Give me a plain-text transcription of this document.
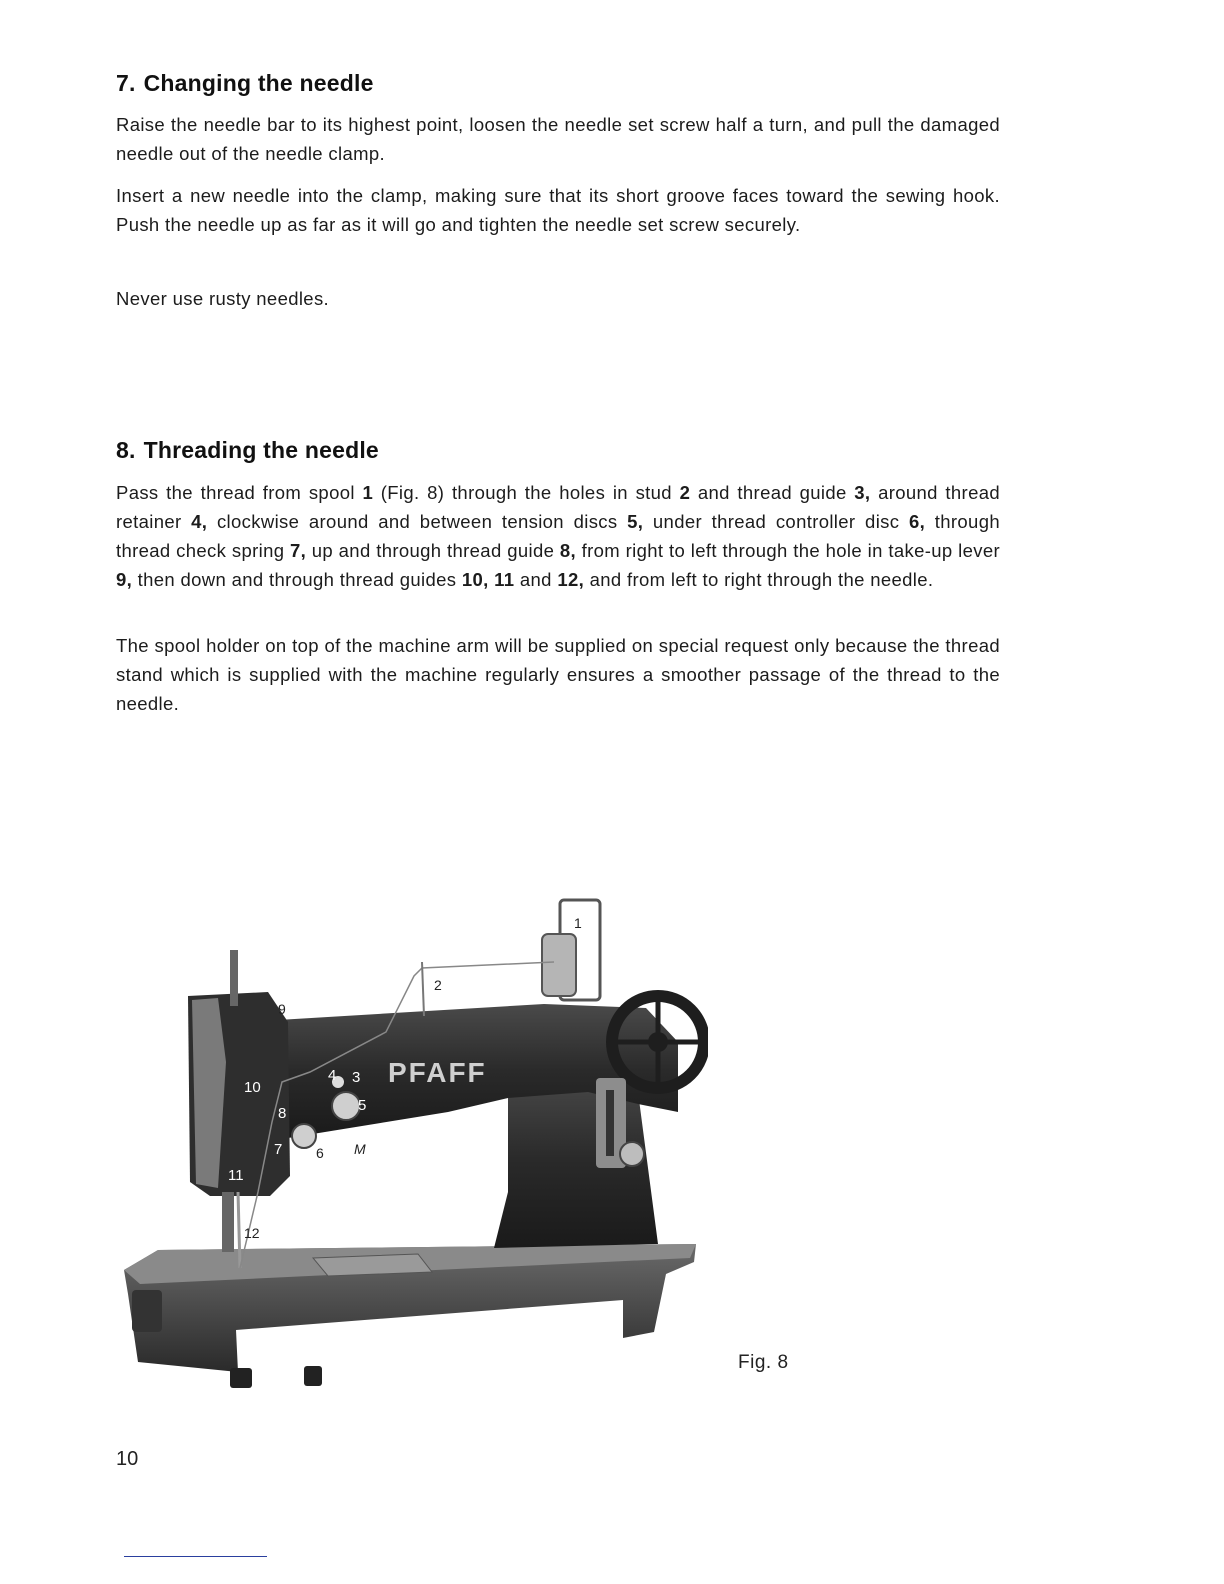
7. Changing the needle

Raise the needle bar to its highest point, loosen the needle set screw half a turn, and pull the damaged needle out of the needle clamp.

Insert a new needle into the clamp, making sure that its short groove faces toward the sewing hook. Push the needle up as far as it will go and tighten the needle set screw securely.

Never use rusty needles.

8. Threading the needle

Pass the thread from spool 1 (Fig. 8) through the holes in stud 2 and thread guide 3, around thread retainer 4, clockwise around and between tension discs 5, under thread controller disc 6, through thread check spring 7, up and through thread guide 8, from right to left through the hole in take-up lever 9, then down and through thread guides 10, 11 and 12, and from left to right through the needle.

The spool holder on top of the machine arm will be supplied on special request only because the thread stand which is supplied with the machine regularly ensures a smoother passage of the thread to the needle.

PFAFF
1
2
3
4
5
6
7
8
9
10
11
12
M
Fig. 8
10
